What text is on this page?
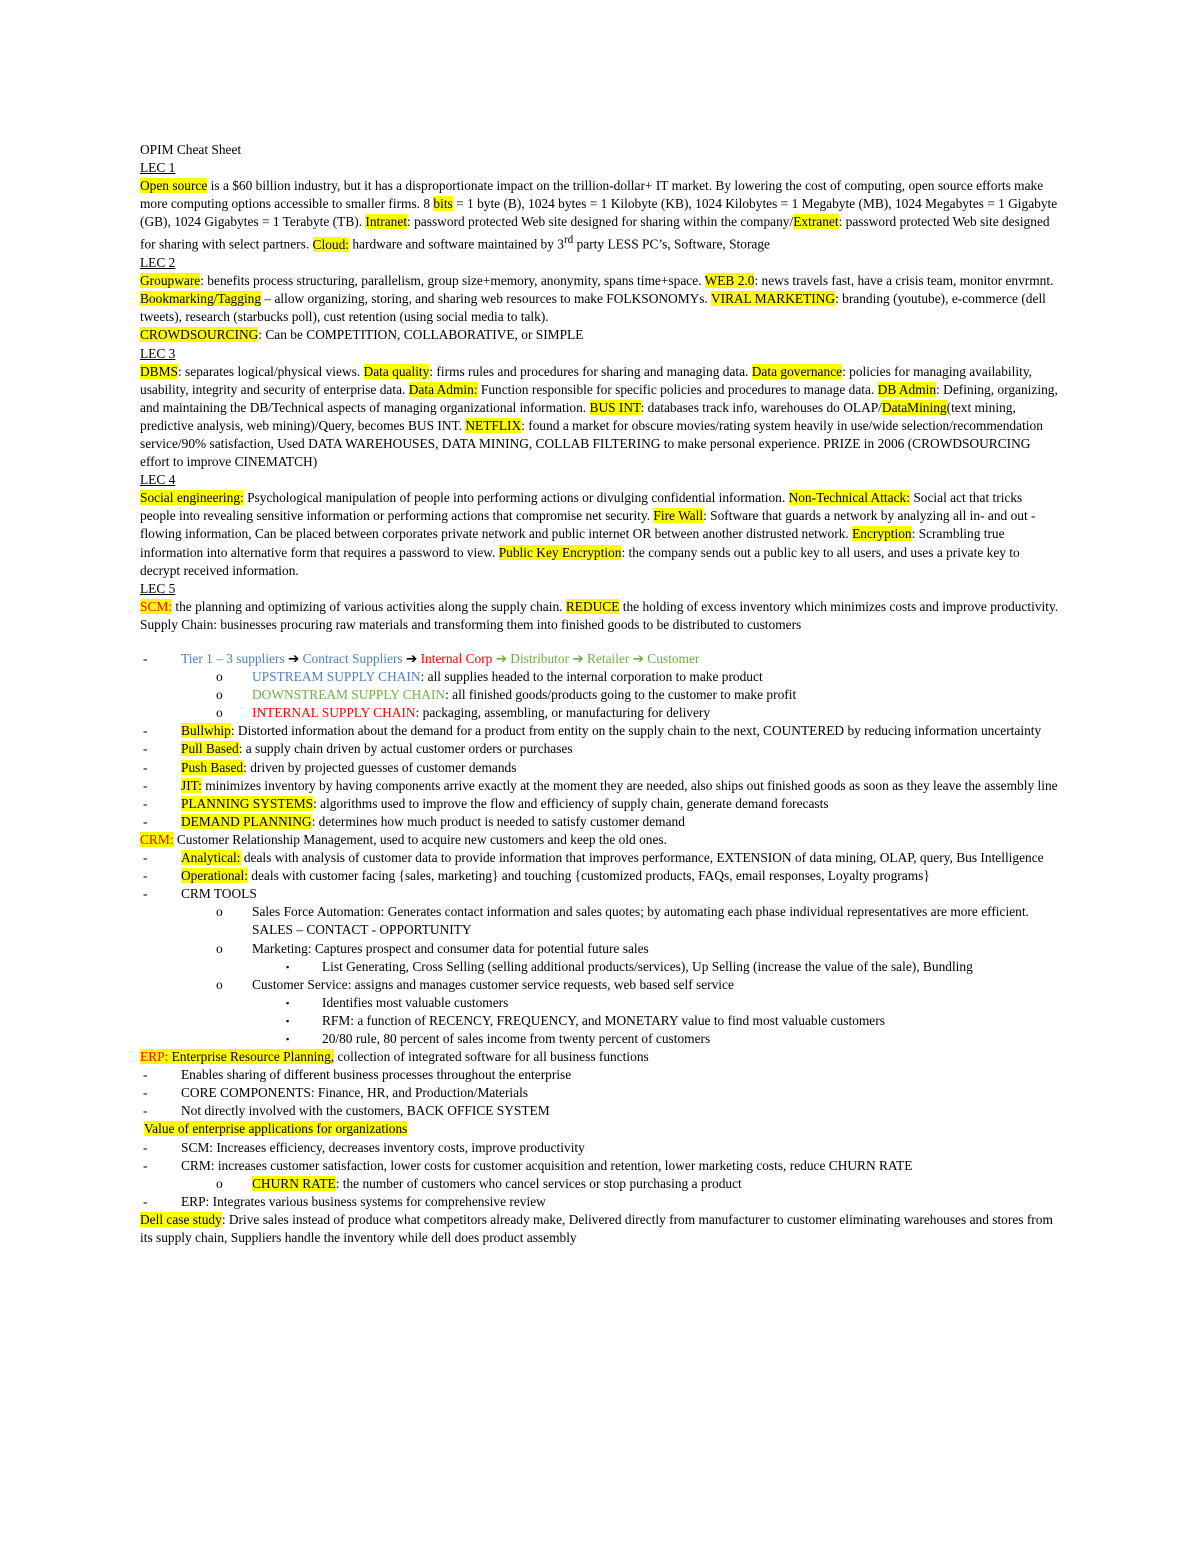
OPIM Cheat Sheet

LEC 1

Open source is a $60 billion industry, but it has a disproportionate impact on the trillion-dollar+ IT market. By lowering the cost of computing, open source efforts make more computing options accessible to smaller firms. 8 bits = 1 byte (B), 1024 bytes = 1 Kilobyte (KB), 1024 Kilobytes = 1 Megabyte (MB), 1024 Megabytes = 1 Gigabyte (GB), 1024 Gigabytes = 1 Terabyte (TB). Intranet: password protected Web site designed for sharing within the company/Extranet: password protected Web site designed for sharing with select partners. Cloud: hardware and software maintained by 3rd party LESS PC’s, Software, Storage

LEC 2

Groupware: benefits process structuring, parallelism, group size+memory, anonymity, spans time+space. WEB 2.0: news travels fast, have a crisis team, monitor envrmnt. Bookmarking/Tagging – allow organizing, storing, and sharing web resources to make FOLKSONOMYs. VIRAL MARKETING: branding (youtube), e-commerce (dell tweets), research (starbucks poll), cust retention (using social media to talk).

CROWDSOURCING: Can be COMPETITION, COLLABORATIVE, or SIMPLE

LEC 3

DBMS: separates logical/physical views. Data quality: firms rules and procedures for sharing and managing data. Data governance: policies for managing availability, usability, integrity and security of enterprise data. Data Admin: Function responsible for specific policies and procedures to manage data. DB Admin: Defining, organizing, and maintaining the DB/Technical aspects of managing organizational information. BUS INT: databases track info, warehouses do OLAP/DataMining(text mining, predictive analysis, web mining)/Query, becomes BUS INT. NETFLIX: found a market for obscure movies/rating system heavily in use/wide selection/recommendation service/90% satisfaction, Used DATA WAREHOUSES, DATA MINING, COLLAB FILTERING to make personal experience. PRIZE in 2006 (CROWDSOURCING effort to improve CINEMATCH)

LEC 4

Social engineering: Psychological manipulation of people into performing actions or divulging confidential information. Non-Technical Attack: Social act that tricks people into revealing sensitive information or performing actions that compromise net security. Fire Wall: Software that guards a network by analyzing all in- and out - flowing information, Can be placed between corporates private network and public internet OR between another distrusted network. Encryption: Scrambling true information into alternative form that requires a password to view. Public Key Encryption: the company sends out a public key to all users, and uses a private key to decrypt received information.

LEC 5

SCM: the planning and optimizing of various activities along the supply chain. REDUCE the holding of excess inventory which minimizes costs and improve productivity. Supply Chain: businesses procuring raw materials and transforming them into finished goods to be distributed to customers

-	Tier 1 – 3 suppliers ➔ Contract Suppliers ➔ Internal Corp ➔ Distributor ➔ Retailer ➔ Customer
o	UPSTREAM SUPPLY CHAIN: all supplies headed to the internal corporation to make product
o	DOWNSTREAM SUPPLY CHAIN: all finished goods/products going to the customer to make profit
o	INTERNAL SUPPLY CHAIN: packaging, assembling, or manufacturing for delivery
-	Bullwhip: Distorted information about the demand for a product from entity on the supply chain to the next, COUNTERED by reducing information uncertainty
-	Pull Based: a supply chain driven by actual customer orders or purchases
-	Push Based: driven by projected guesses of customer demands
-	JIT: minimizes inventory by having components arrive exactly at the moment they are needed, also ships out finished goods as soon as they leave the assembly line
-	PLANNING SYSTEMS: algorithms used to improve the flow and efficiency of supply chain, generate demand forecasts
-	DEMAND PLANNING: determines how much product is needed to satisfy customer demand

CRM: Customer Relationship Management, used to acquire new customers and keep the old ones.

-	Analytical: deals with analysis of customer data to provide information that improves performance, EXTENSION of data mining, OLAP, query, Bus Intelligence
-	Operational: deals with customer facing {sales, marketing} and touching {customized products, FAQs, email responses, Loyalty programs}
-	CRM TOOLS
o	Sales Force Automation: Generates contact information and sales quotes; by automating each phase individual representatives are more efficient. SALES – CONTACT - OPPORTUNITY
o	Marketing: Captures prospect and consumer data for potential future sales
▪	List Generating, Cross Selling (selling additional products/services), Up Selling (increase the value of the sale), Bundling
o	Customer Service: assigns and manages customer service requests, web based self service
▪	Identifies most valuable customers
▪	RFM: a function of RECENCY, FREQUENCY, and MONETARY value to find most valuable customers
▪	20/80 rule, 80 percent of sales income from twenty percent of customers

ERP: Enterprise Resource Planning, collection of integrated software for all business functions

-	Enables sharing of different business processes throughout the enterprise
-	CORE COMPONENTS: Finance, HR, and Production/Materials
-	Not directly involved with the customers, BACK OFFICE SYSTEM

Value of enterprise applications for organizations

-	SCM: Increases efficiency, decreases inventory costs, improve productivity
-	CRM: increases customer satisfaction, lower costs for customer acquisition and retention, lower marketing costs, reduce CHURN RATE
o	CHURN RATE: the number of customers who cancel services or stop purchasing a product
-	ERP: Integrates various business systems for comprehensive review

Dell case study: Drive sales instead of produce what competitors already make, Delivered directly from manufacturer to customer eliminating warehouses and stores from its supply chain, Suppliers handle the inventory while dell does product assembly
